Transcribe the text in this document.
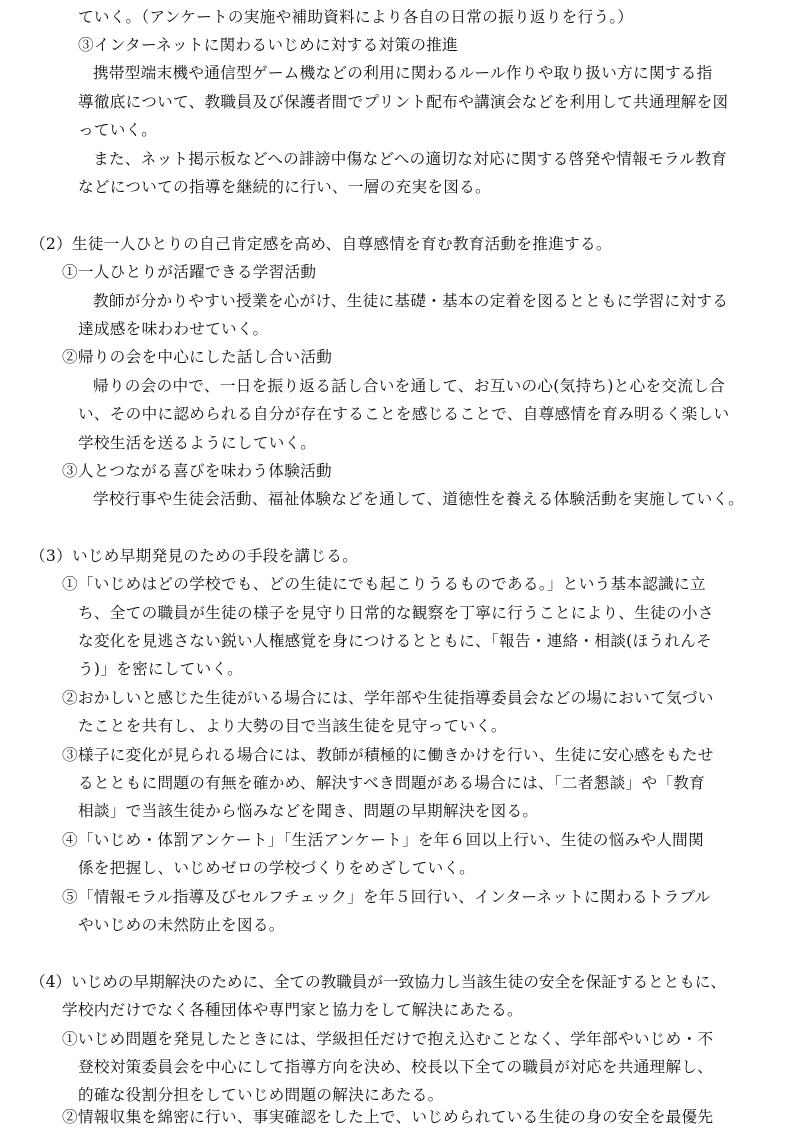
ていく。（アンケートの実施や補助資料により各自の日常の振り返りを行う。）
③インターネットに関わるいじめに対する対策の推進
携帯型端末機や通信型ゲーム機などの利用に関わるルール作りや取り扱い方に関する指
導徹底について、教職員及び保護者間でプリント配布や講演会などを利用して共通理解を図
っていく。
また、ネット掲示板などへの誹謗中傷などへの適切な対応に関する啓発や情報モラル教育
などについての指導を継続的に行い、一層の充実を図る。
（2）生徒一人ひとりの自己肯定感を高め、自尊感情を育む教育活動を推進する。
①一人ひとりが活躍できる学習活動
教師が分かりやすい授業を心がけ、生徒に基礎・基本の定着を図るとともに学習に対する
達成感を味わわせていく。
②帰りの会を中心にした話し合い活動
帰りの会の中で、一日を振り返る話し合いを通して、お互いの心(気持ち)と心を交流し合
い、その中に認められる自分が存在することを感じることで、自尊感情を育み明るく楽しい
学校生活を送るようにしていく。
③人とつながる喜びを味わう体験活動
学校行事や生徒会活動、福祉体験などを通して、道徳性を養える体験活動を実施していく。
（3）いじめ早期発見のための手段を講じる。
①「いじめはどの学校でも、どの生徒にでも起こりうるものである。」という基本認識に立
ち、全ての職員が生徒の様子を見守り日常的な観察を丁寧に行うことにより、生徒の小さ
な変化を見逃さない鋭い人権感覚を身につけるとともに、「報告・連絡・相談(ほうれんそ
う)」を密にしていく。
②おかしいと感じた生徒がいる場合には、学年部や生徒指導委員会などの場において気づい
たことを共有し、より大勢の目で当該生徒を見守っていく。
③様子に変化が見られる場合には、教師が積極的に働きかけを行い、生徒に安心感をもたせ
るとともに問題の有無を確かめ、解決すべき問題がある場合には、「二者懇談」や「教育
相談」で当該生徒から悩みなどを聞き、問題の早期解決を図る。
④「いじめ・体罰アンケート」「生活アンケート」を年６回以上行い、生徒の悩みや人間関
係を把握し、いじめゼロの学校づくりをめざしていく。
⑤「情報モラル指導及びセルフチェック」を年５回行い、インターネットに関わるトラブル
やいじめの未然防止を図る。
（4）いじめの早期解決のために、全ての教職員が一致協力し当該生徒の安全を保証するとともに、
学校内だけでなく各種団体や専門家と協力をして解決にあたる。
①いじめ問題を発見したときには、学級担任だけで抱え込むことなく、学年部やいじめ・不
登校対策委員会を中心にして指導方向を決め、校長以下全ての職員が対応を共通理解し、
的確な役割分担をしていじめ問題の解決にあたる。
②情報収集を綿密に行い、事実確認をした上で、いじめられている生徒の身の安全を最優先
